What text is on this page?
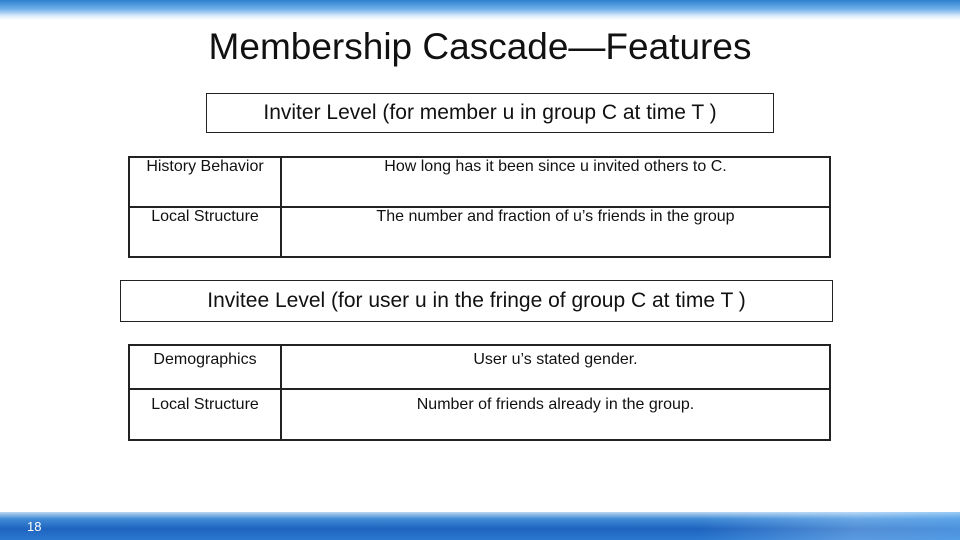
Membership Cascade—Features
Inviter Level (for member u in group C at time T )
History Behavior	How long has it been since u invited others to C.
Local Structure	The number and fraction of u’s friends in the group
Invitee Level (for user u in the fringe of group C at time T )
Demographics	User u’s stated gender.
Local Structure	Number of friends already in the group.
18
